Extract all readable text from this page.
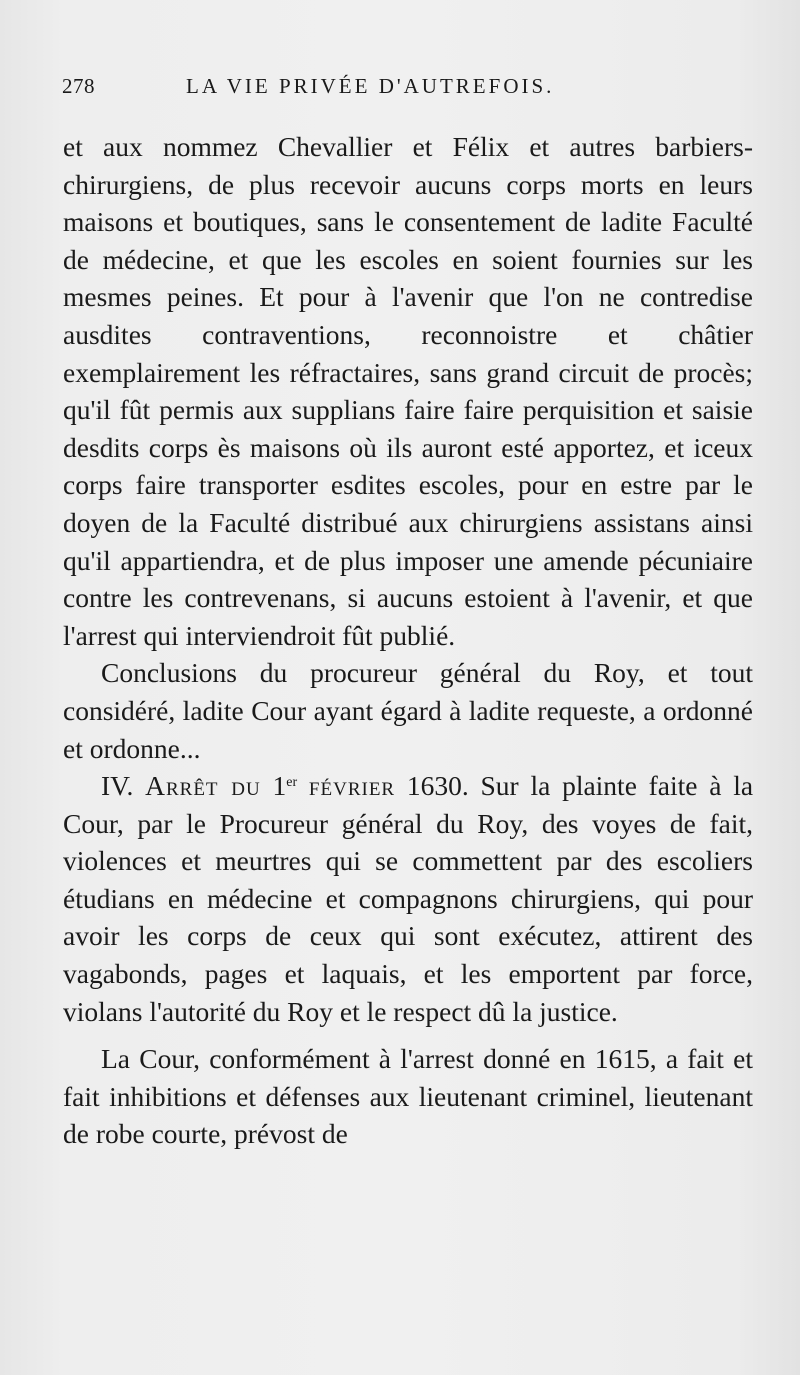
278	LA VIE PRIVÉE D'AUTREFOIS.

et aux nommez Chevallier et Félix et autres barbiers-chirurgiens, de plus recevoir aucuns corps morts en leurs maisons et boutiques, sans le consentement de ladite Faculté de médecine, et que les escoles en soient fournies sur les mesmes peines. Et pour à l'avenir que l'on ne contredise ausdites contraventions, reconnoistre et châtier exemplairement les réfractaires, sans grand circuit de procès; qu'il fût permis aux supplians faire faire perquisition et saisie desdits corps ès maisons où ils auront esté apportez, et iceux corps faire transporter esdites escoles, pour en estre par le doyen de la Faculté distribué aux chirurgiens assistans ainsi qu'il appartiendra, et de plus imposer une amende pécuniaire contre les contrevenans, si aucuns estoient à l'avenir, et que l'arrest qui interviendroit fût publié.

Conclusions du procureur général du Roy, et tout considéré, ladite Cour ayant égard à ladite requeste, a ordonné et ordonne...

IV. Arrêt du 1er février 1630. Sur la plainte faite à la Cour, par le Procureur général du Roy, des voyes de fait, violences et meurtres qui se commettent par des escoliers étudians en médecine et compagnons chirurgiens, qui pour avoir les corps de ceux qui sont exécutez, attirent des vagabonds, pages et laquais, et les emportent par force, violans l'autorité du Roy et le respect dû la justice.

La Cour, conformément à l'arrest donné en 1615, a fait et fait inhibitions et défenses aux lieutenant criminel, lieutenant de robe courte, prévost de
